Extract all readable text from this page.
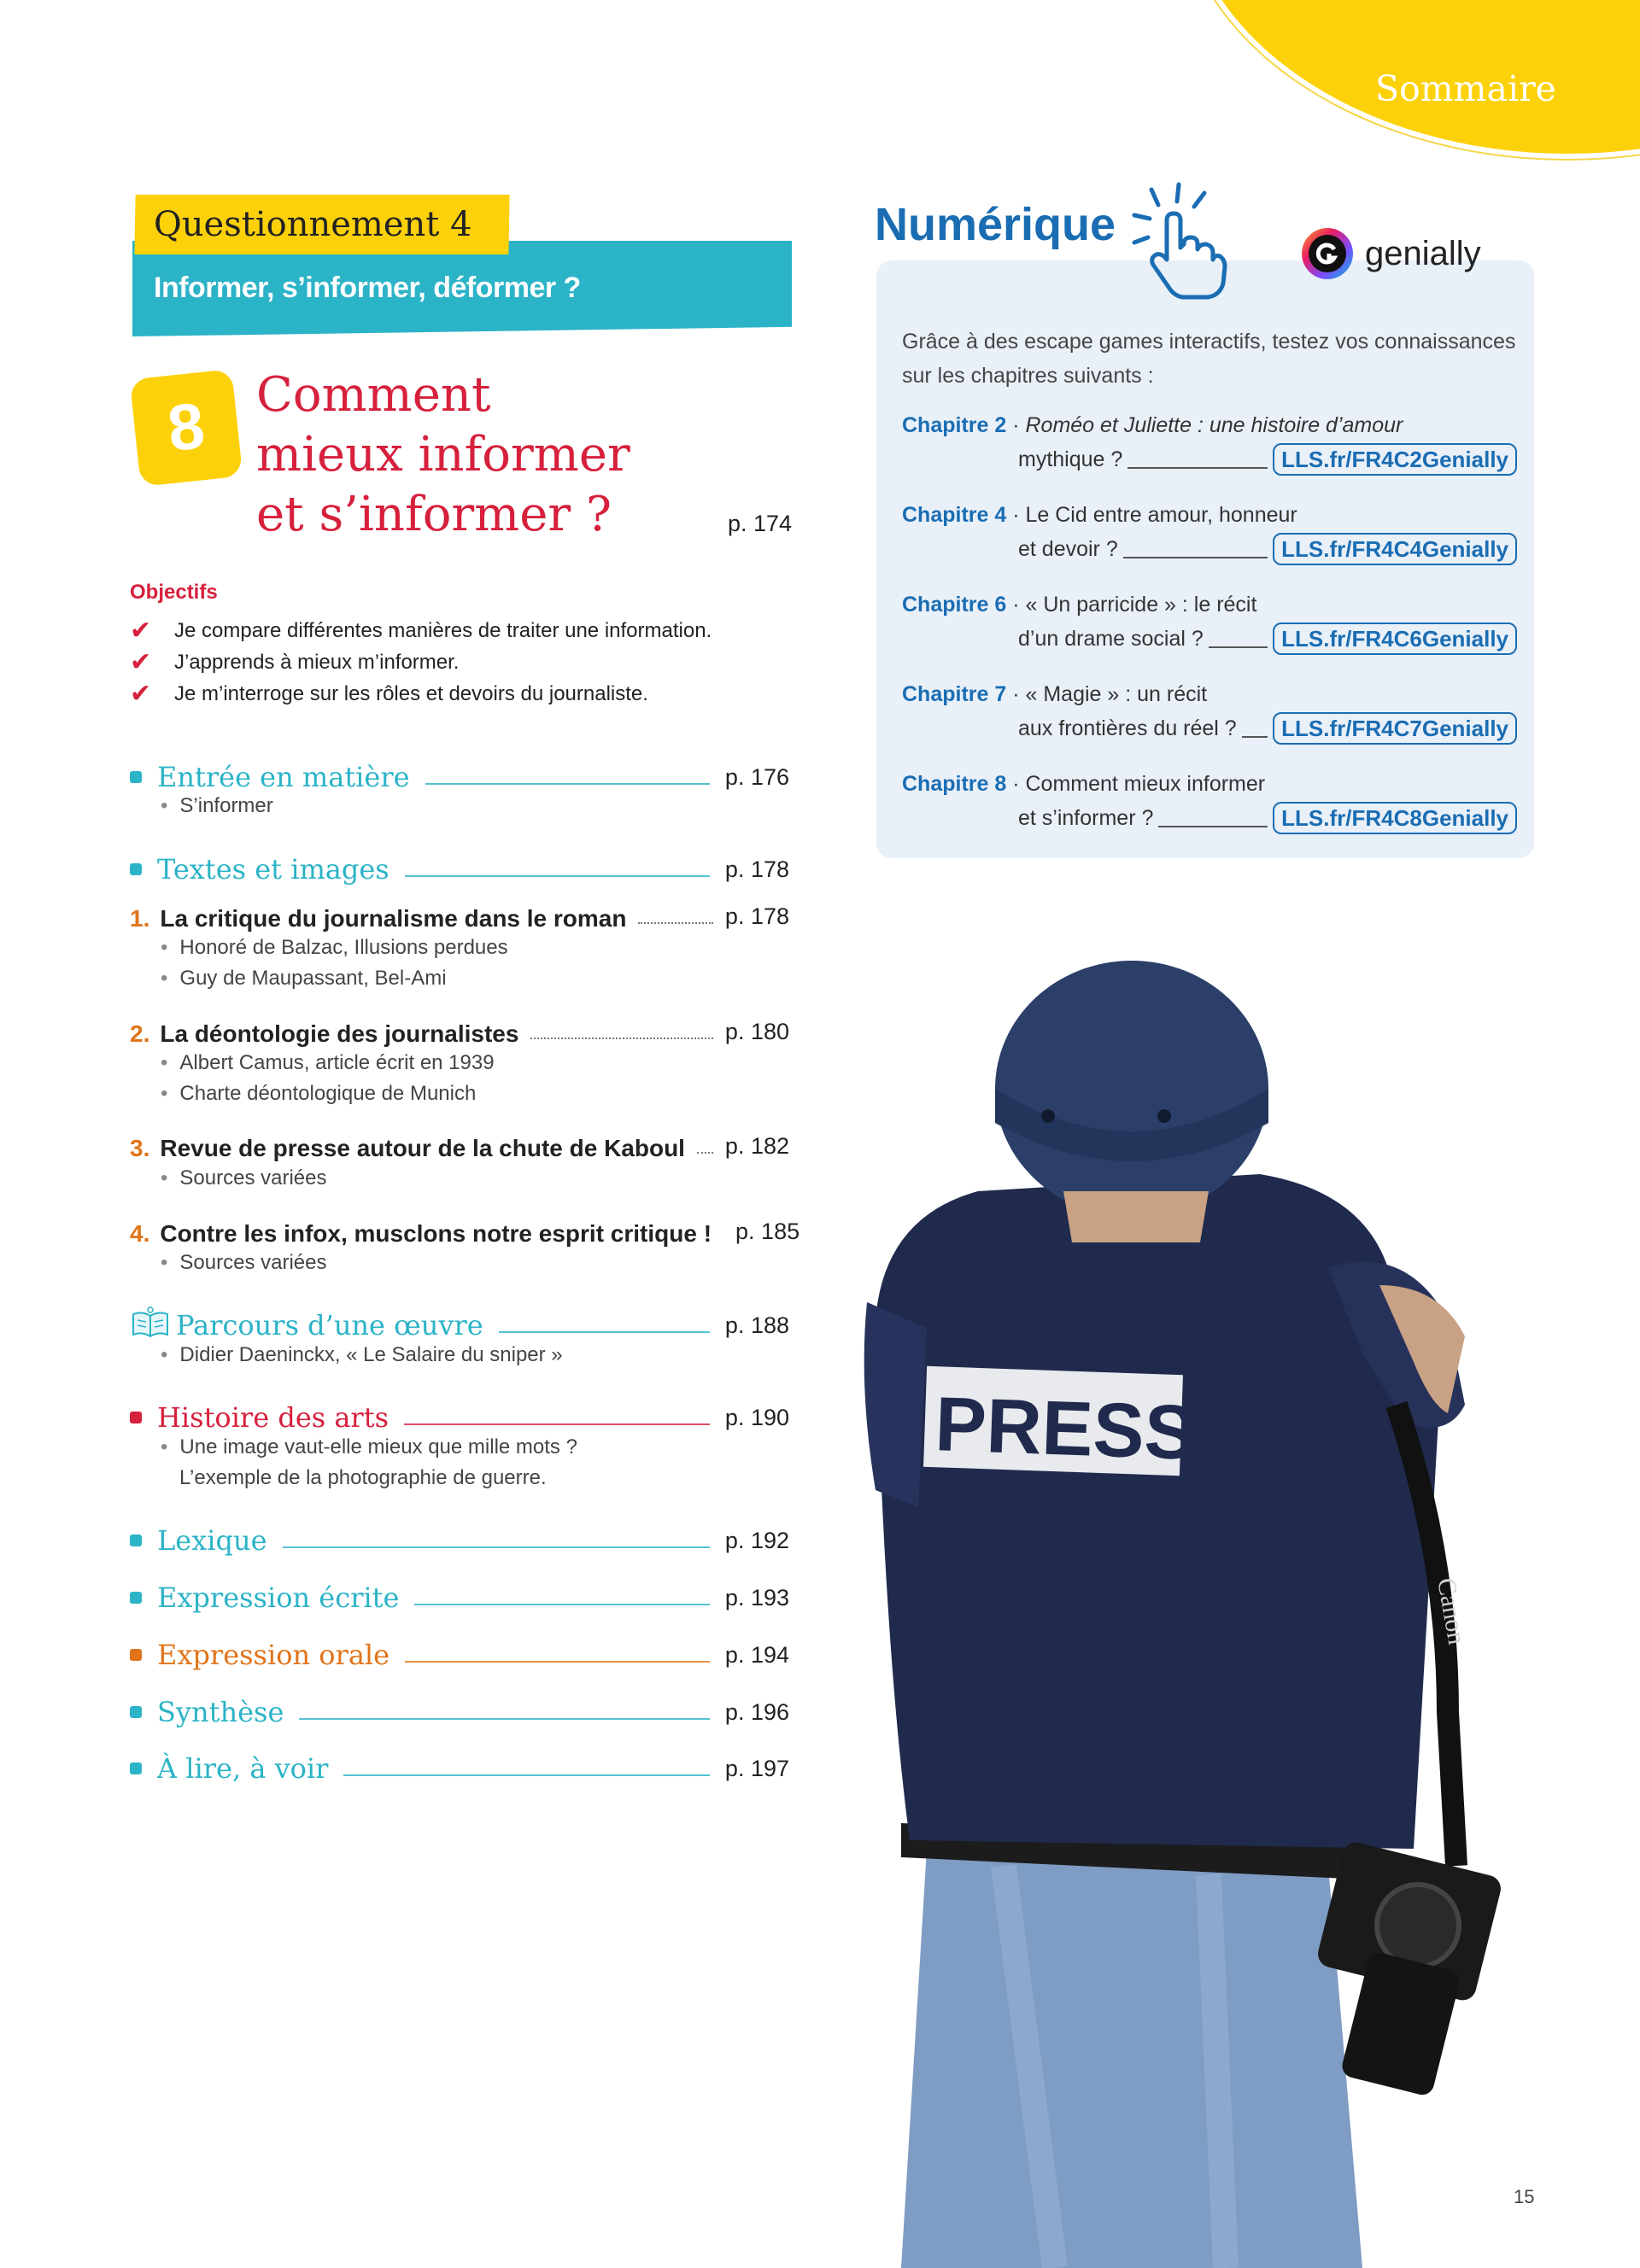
Sommaire
Questionnement 4
Informer, s’informer, déformer ?
8	Comment
mieux informer
et s’informer ?	p. 174
Objectifs
✔	Je compare différentes manières de traiter une information.
✔	J’apprends à mieux m’informer.
✔	Je m’interroge sur les rôles et devoirs du journaliste.
Entrée en matière	p. 176
• S’informer
Textes et images	p. 178
1. La critique du journalisme dans le roman	p. 178
• Honoré de Balzac, Illusions perdues
• Guy de Maupassant, Bel-Ami
2. La déontologie des journalistes	p. 180
• Albert Camus, article écrit en 1939
• Charte déontologique de Munich
3. Revue de presse autour de la chute de Kaboul p. 182
• Sources variées
4. Contre les infox, musclons notre esprit critique ! p. 185
• Sources variées
Parcours d’une œuvre	p. 188
• Didier Daeninckx, « Le Salaire du sniper »
Histoire des arts	p. 190
• Une image vaut-elle mieux que mille mots ?
L’exemple de la photographie de guerre.
Lexique	p. 192
Expression écrite	p. 193
Expression orale	p. 194
Synthèse	p. 196
À lire, à voir	p. 197
Numérique
genially
Grâce à des escape games interactifs, testez vos connaissances sur les chapitres suivants :
Chapitre 2 · Roméo et Juliette : une histoire d’amour
mythique ?	LLS.fr/FR4C2Genially
Chapitre 4 · Le Cid entre amour, honneur
et devoir ?	LLS.fr/FR4C4Genially
Chapitre 6 · « Un parricide » : le récit
d’un drame social ?	LLS.fr/FR4C6Genially
Chapitre 7 · « Magie » : un récit
aux frontières du réel ?	LLS.fr/FR4C7Genially
Chapitre 8 · Comment mieux informer
et s’informer ?	LLS.fr/FR4C8Genially
PRESS
Canon
15
